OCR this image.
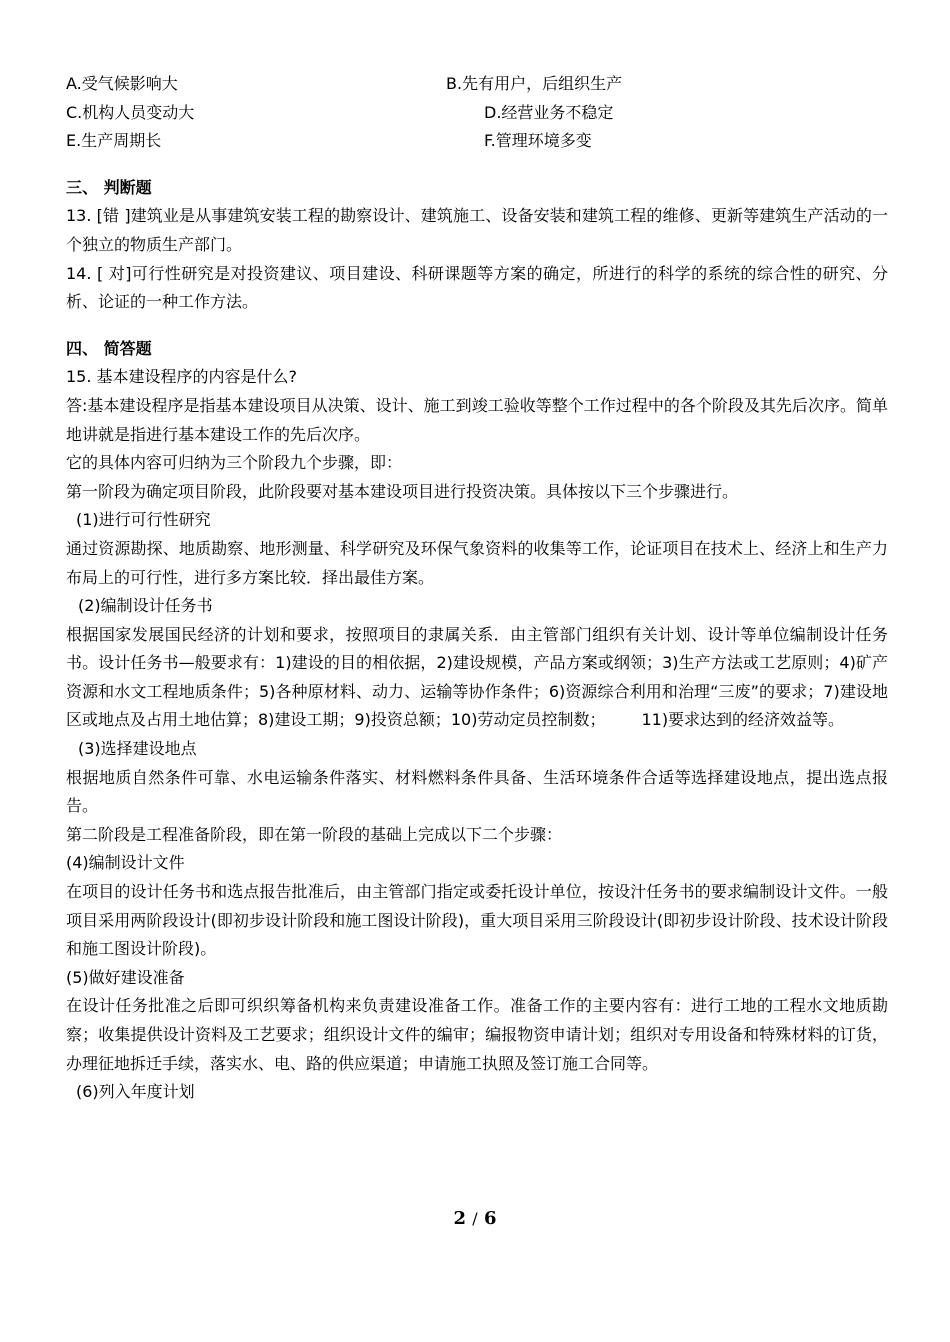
A.受气候影响大	B.先有用户，后组织生产
C.机构人员变动大	D.经营业务不稳定
E.生产周期长	F.管理环境多变

三、 判断题

13. [错 ]建筑业是从事建筑安装工程的勘察设计、建筑施工、设备安装和建筑工程的维修、更新等建筑生产活动的一个独立的物质生产部门。

14. [ 对]可行性研究是对投资建议、项目建设、科研课题等方案的确定，所进行的科学的系统的综合性的研究、分析、论证的一种工作方法。

四、 简答题

15. 基本建设程序的内容是什么?

答:基本建设程序是指基本建设项目从决策、设计、施工到竣工验收等整个工作过程中的各个阶段及其先后次序。简单地讲就是指进行基本建设工作的先后次序。

它的具体内容可归纳为三个阶段九个步骤，即：

第一阶段为确定项目阶段，此阶段要对基本建设项目进行投资决策。具体按以下三个步骤进行。

(1)进行可行性研究

通过资源勘探、地质勘察、地形测量、科学研究及环保气象资料的收集等工作，论证项目在技术上、经济上和生产力布局上的可行性，进行多方案比较．择出最佳方案。

(2)编制设计任务书

根据国家发展国民经济的计划和要求，按照项目的隶属关系．由主管部门组织有关计划、设计等单位编制设计任务书。设计任务书—般要求有：1)建设的目的相依据，2)建设规模，产品方案或纲领；3)生产方法或工艺原则；4)矿产资源和水文工程地质条件；5)各种原材料、动力、运输等协作条件；6)资源综合利用和治理“三废”的要求；7)建设地区或地点及占用土地估算；8)建设工期；9)投资总额；10)劳动定员控制数； 11)要求达到的经济效益等。

(3)选择建设地点

根据地质自然条件可靠、水电运输条件落实、材料燃料条件具备、生活环境条件合适等选择建设地点，提出选点报告。

第二阶段是工程准备阶段，即在第一阶段的基础上完成以下二个步骤：

(4)编制设计文件

在项目的设计任务书和选点报告批准后，由主管部门指定或委托设计单位，按设汁任务书的要求编制设计文件。一般项目采用两阶段设计(即初步设计阶段和施工图设计阶段)，重大项目采用三阶段设计(即初步设计阶段、技术设计阶段和施工图设计阶段)。

(5)做好建设准备

在设计任务批准之后即可织织筹备机构来负责建设准备工作。准备工作的主要内容有：进行工地的工程水文地质勘察；收集提供设计资料及工艺要求；组织设计文件的编审；编报物资申请计划；组织对专用设备和特殊材料的订货，办理征地拆迁手续，落实水、电、路的供应渠道；申请施工执照及签订施工合同等。

(6)列入年度计划

2 / 6
